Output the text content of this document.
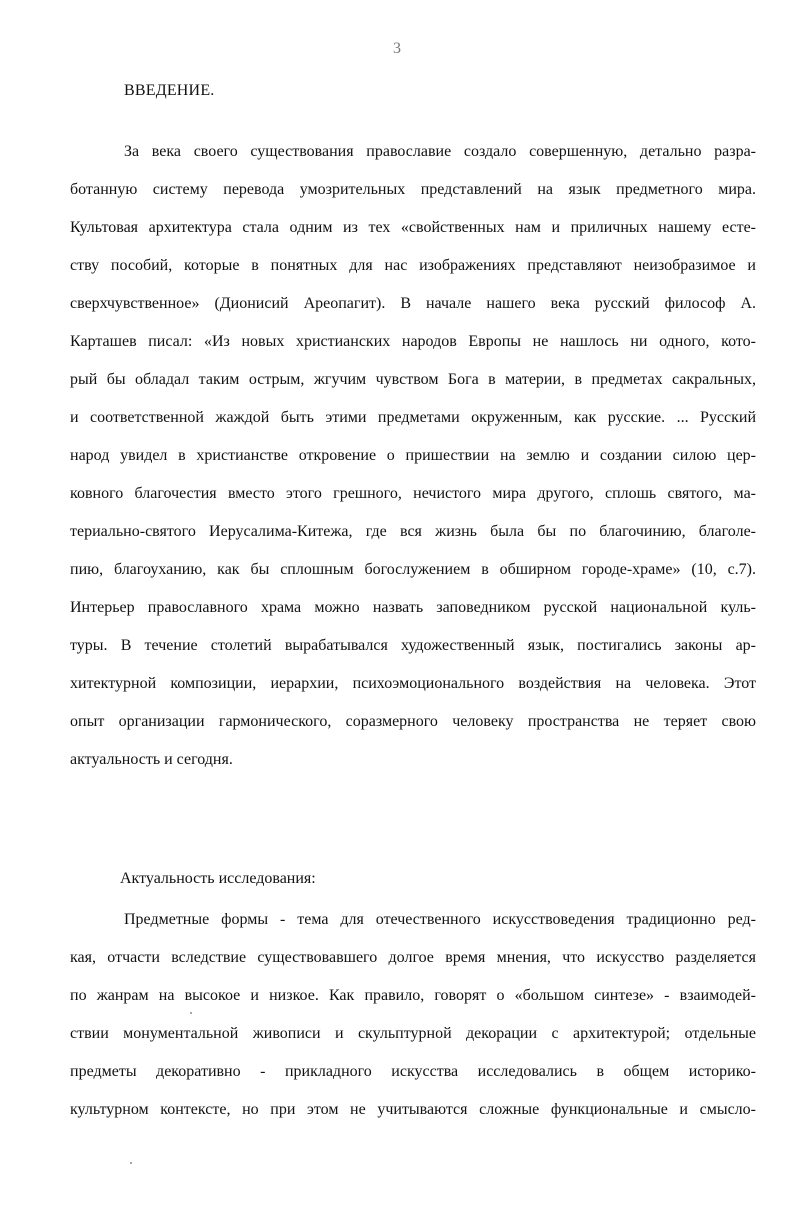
3
ВВЕДЕНИЕ.
За века своего существования православие создало совершенную, детально разра-
ботанную систему перевода умозрительных представлений на язык предметного мира.
Культовая архитектура стала одним из тех «свойственных нам и приличных нашему есте-
ству пособий, которые в понятных для нас изображениях представляют неизобразимое и
сверхчувственное» (Дионисий Ареопагит). В начале нашего века русский философ А.
Карташев писал: «Из новых христианских народов Европы не нашлось ни одного, кото-
рый бы обладал таким острым, жгучим чувством Бога в материи, в предметах сакральных,
и соответственной жаждой быть этими предметами окруженным, как русские. ... Русский
народ увидел в христианстве откровение о пришествии на землю и создании силою цер-
ковного благочестия вместо этого грешного, нечистого мира другого, сплошь святого, ма-
териально-святого Иерусалима-Китежа, где вся жизнь была бы по благочинию, благоле-
пию, благоуханию, как бы сплошным богослужением в обширном городе-храме» (10, с.7).
Интерьер православного храма можно назвать заповедником русской национальной куль-
туры. В течение столетий вырабатывался художественный язык, постигались законы ар-
хитектурной композиции, иерархии, психоэмоционального воздействия на человека. Этот
опыт организации гармонического, соразмерного человеку пространства не теряет свою
актуальность и сегодня.
Актуальность исследования:
Предметные формы - тема для отечественного искусствоведения традиционно ред-
кая, отчасти вследствие существовавшего долгое время мнения, что искусство разделяется
по жанрам на высокое и низкое. Как правило, говорят о «большом синтезе» - взаимодей-
ствии монументальной живописи и скульптурной декорации с архитектурой; отдельные
предметы декоративно - прикладного искусства исследовались в общем историко-
культурном контексте, но при этом не учитываются сложные функциональные и смысло-
